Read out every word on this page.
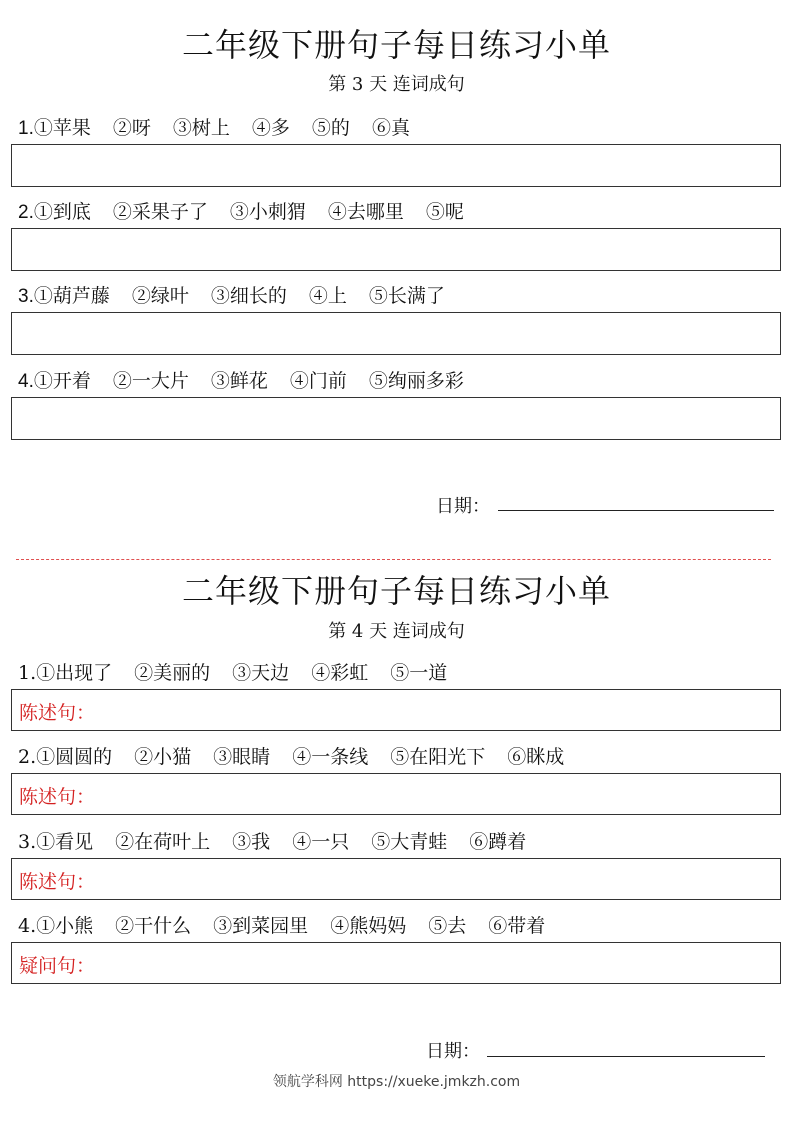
二年级下册句子每日练习小单
第 3 天 连词成句
1.①苹果 ②呀 ③树上 ④多 ⑤的 ⑥真
2.①到底 ②采果子了 ③小刺猬 ④去哪里 ⑤呢
3.①葫芦藤 ②绿叶 ③细长的 ④上 ⑤长满了
4.①开着 ②一大片 ③鲜花 ④门前 ⑤绚丽多彩
日期：
二年级下册句子每日练习小单
第 4 天 连词成句
1.①出现了 ②美丽的 ③天边 ④彩虹 ⑤一道
陈述句：
2.①圆圆的 ②小猫 ③眼睛 ④一条线 ⑤在阳光下 ⑥眯成
陈述句：
3.①看见 ②在荷叶上 ③我 ④一只 ⑤大青蛙 ⑥蹲着
陈述句：
4.①小熊 ②干什么 ③到菜园里 ④熊妈妈 ⑤去 ⑥带着
疑问句：
日期：
领航学科网 https://xueke.jmkzh.com
